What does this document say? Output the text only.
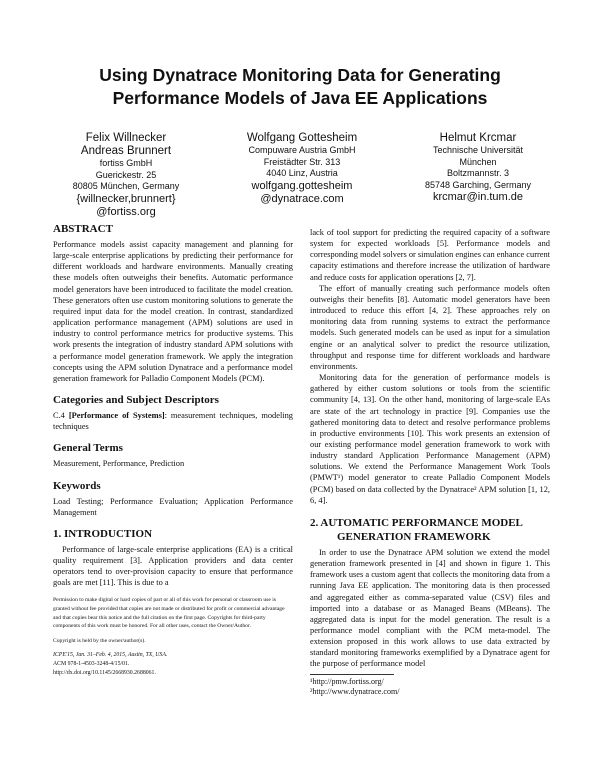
Using Dynatrace Monitoring Data for Generating
Performance Models of Java EE Applications
Felix Willnecker
Andreas Brunnert
fortiss GmbH
Guerickestr. 25
80805 München, Germany
{willnecker,brunnert}
@fortiss.org
Wolfgang Gottesheim
Compuware Austria GmbH
Freistädter Str. 313
4040 Linz, Austria
wolfgang.gottesheim
@dynatrace.com
Helmut Krcmar
Technische Universität
München
Boltzmannstr. 3
85748 Garching, Germany
krcmar@in.tum.de
ABSTRACT

Performance models assist capacity management and planning for large-scale enterprise applications by predicting their performance for different workloads and hardware environments. Manually creating these models often outweighs their benefits. Automatic performance model generators have been introduced to facilitate the model creation. These generators often use custom monitoring solutions to generate the required input data for the model creation. In contrast, standardized application performance management (APM) solutions are used in industry to control performance metrics for productive systems. This work presents the integration of industry standard APM solutions with a performance model generation framework. We apply the integration concepts using the APM solution Dynatrace and a performance model generation framework for Palladio Component Models (PCM).

Categories and Subject Descriptors

C.4 [Performance of Systems]: measurement techniques, modeling techniques

General Terms

Measurement, Performance, Prediction

Keywords

Load Testing; Performance Evaluation; Application Performance Management

1. INTRODUCTION

Performance of large-scale enterprise applications (EA) is a critical quality requirement [3]. Application providers and data center operators tend to over-provision capacity to ensure that performance goals are met [11]. This is due to a

Permission to make digital or hard copies of part or all of this work for personal or classroom use is granted without fee provided that copies are not made or distributed for profit or commercial advantage and that copies bear this notice and the full citation on the first page. Copyrights for third-party components of this work must be honored. For all other uses, contact the Owner/Author.

Copyright is held by the owner/author(s).

ICPE'15, Jan. 31–Feb. 4, 2015, Austin, TX, USA.
ACM 978-1-4503-3248-4/15/01.
http://dx.doi.org/10.1145/2668930.2688061.

lack of tool support for predicting the required capacity of a software system for expected workloads [5]. Performance models and corresponding model solvers or simulation engines can enhance current capacity estimations and therefore increase the utilization of hardware and reduce costs for application operations [2, 7].

The effort of manually creating such performance models often outweighs their benefits [8]. Automatic model generators have been introduced to reduce this effort [4, 2]. These approaches rely on monitoring data from running systems to extract the performance models. Such generated models can be used as input for a simulation engine or an analytical solver to predict the resource utilization, throughput and response time for different workloads and hardware environments.

Monitoring data for the generation of performance models is gathered by either custom solutions or tools from the scientific community [4, 13]. On the other hand, monitoring of large-scale EAs are state of the art technology in practice [9]. Companies use the gathered monitoring data to detect and resolve performance problems in productive environments [10]. This work presents an extension of our existing performance model generation framework to work with industry standard Application Performance Management (APM) solutions. We extend the Performance Management Work Tools (PMWT¹) model generator to create Palladio Component Models (PCM) based on data collected by the Dynatrace² APM solution [1, 12, 6, 4].

2. AUTOMATIC PERFORMANCE MODEL
GENERATION FRAMEWORK

In order to use the Dynatrace APM solution we extend the model generation framework presented in [4] and shown in figure 1. This framework uses a custom agent that collects the monitoring data from a running Java EE application. The monitoring data is then processed and aggregated either as comma-separated value (CSV) files and imported into a database or as Managed Beans (MBeans). The aggregated data is input for the model generation. The result is a performance model compliant with the PCM meta-model. The extension proposed in this work allows to use data extracted by standard monitoring frameworks exemplified by a Dynatrace agent for the purpose of performance model

¹http://pmw.fortiss.org/
²http://www.dynatrace.com/
